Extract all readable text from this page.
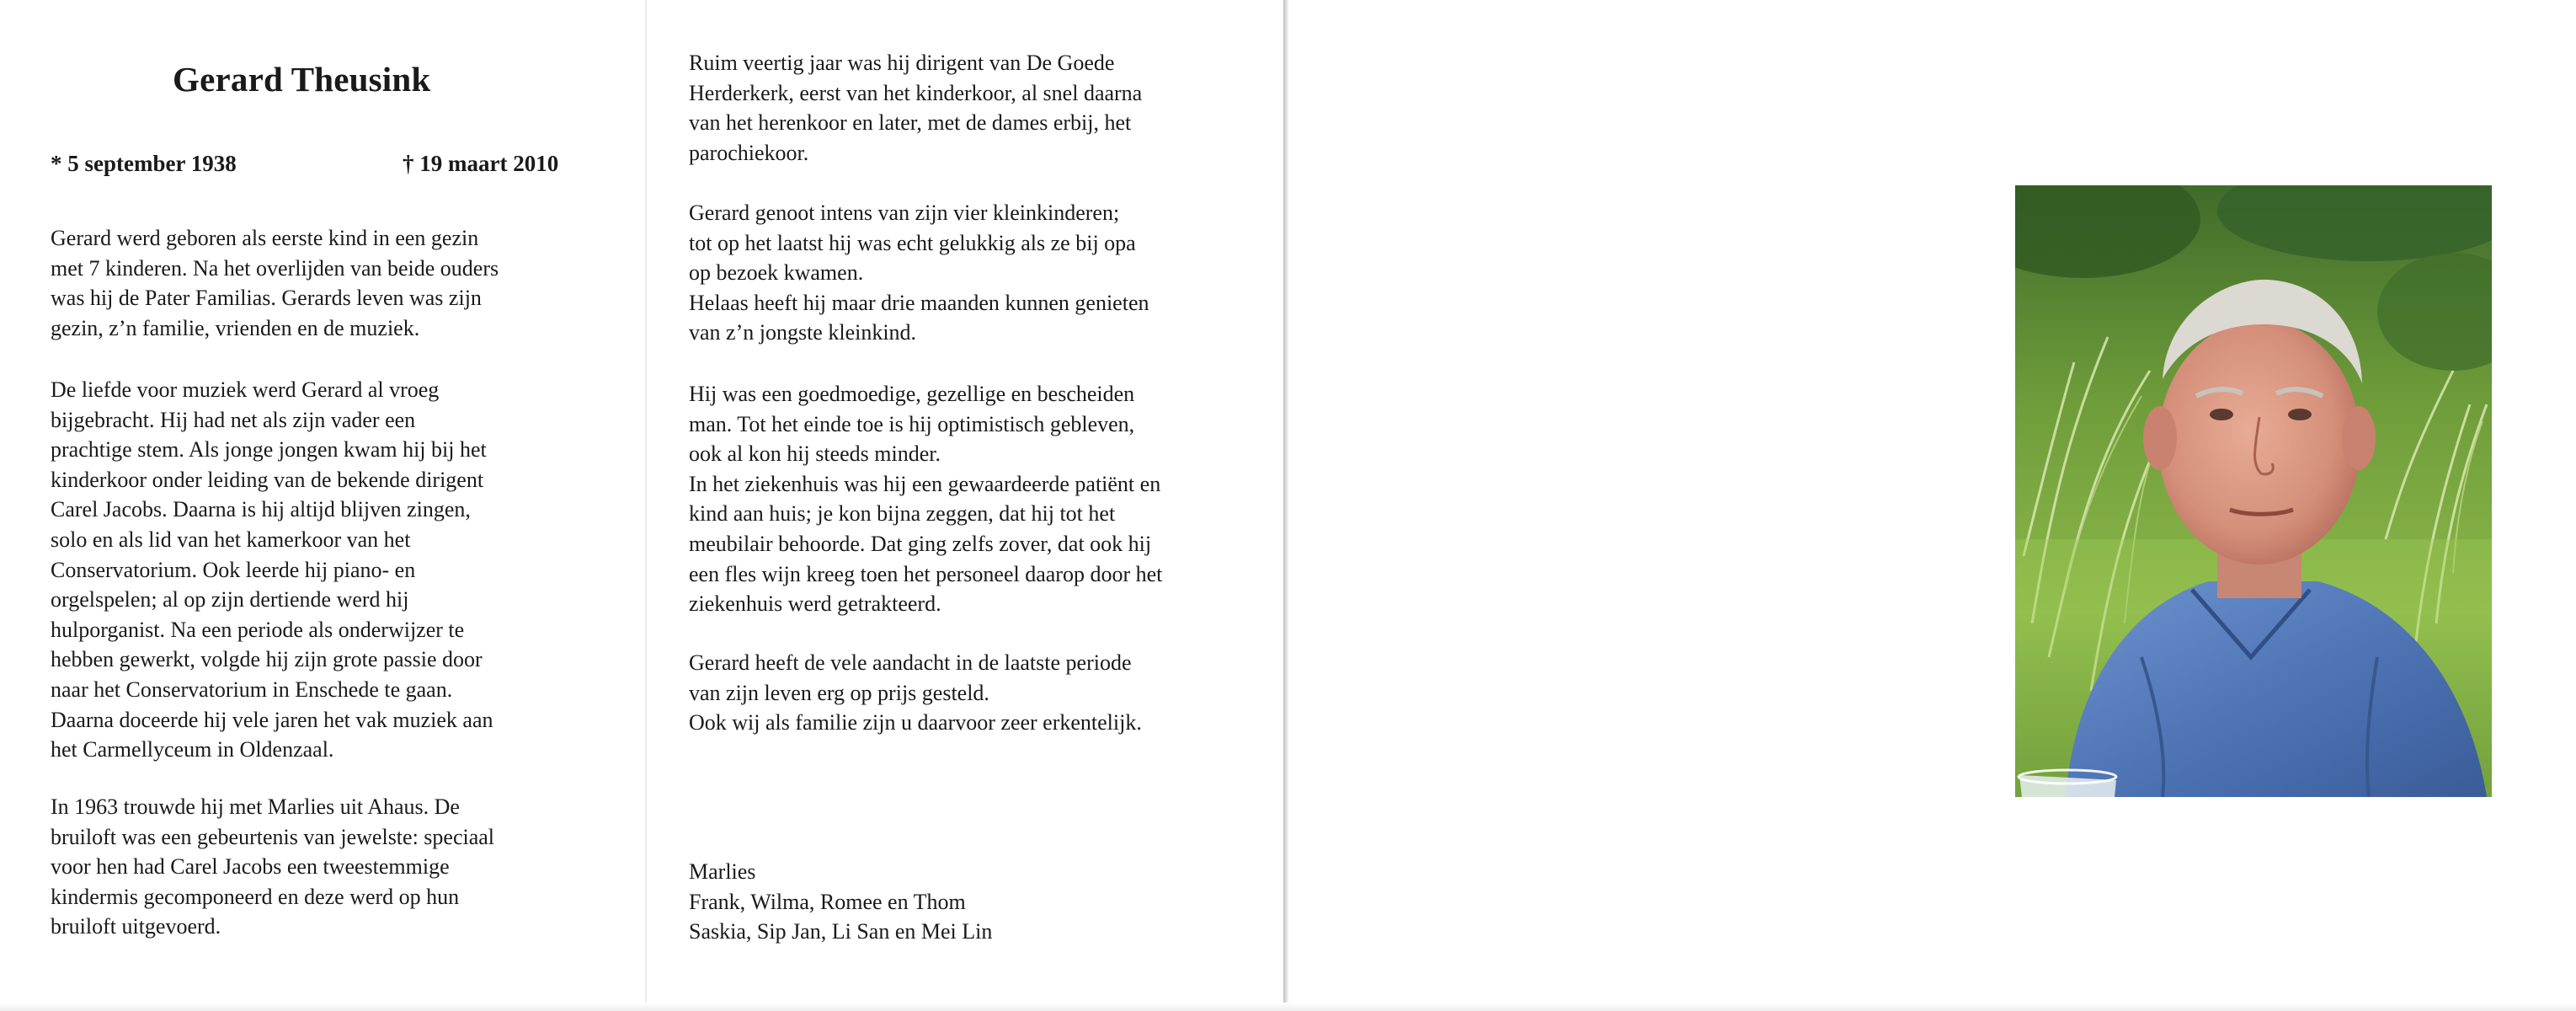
Gerard Theusink
* 5 september 1938	† 19 maart 2010
Gerard werd geboren als eerste kind in een gezin
met 7 kinderen. Na het overlijden van beide ouders
was hij de Pater Familias. Gerards leven was zijn
gezin, z’n familie, vrienden en de muziek.
De liefde voor muziek werd Gerard al vroeg
bijgebracht. Hij had net als zijn vader een
prachtige stem. Als jonge jongen kwam hij bij het
kinderkoor onder leiding van de bekende dirigent
Carel Jacobs. Daarna is hij altijd blijven zingen,
solo en als lid van het kamerkoor van het
Conservatorium. Ook leerde hij piano- en
orgelspelen; al op zijn dertiende werd hij
hulporganist. Na een periode als onderwijzer te
hebben gewerkt, volgde hij zijn grote passie door
naar het Conservatorium in Enschede te gaan.
Daarna doceerde hij vele jaren het vak muziek aan
het Carmellyceum in Oldenzaal.
In 1963 trouwde hij met Marlies uit Ahaus. De
bruiloft was een gebeurtenis van jewelste: speciaal
voor hen had Carel Jacobs een tweestemmige
kindermis gecomponeerd en deze werd op hun
bruiloft uitgevoerd.
Ruim veertig jaar was hij dirigent van De Goede
Herderkerk, eerst van het kinderkoor, al snel daarna
van het herenkoor en later, met de dames erbij, het
parochiekoor.
Gerard genoot intens van zijn vier kleinkinderen;
tot op het laatst hij was echt gelukkig als ze bij opa
op bezoek kwamen.
Helaas heeft hij maar drie maanden kunnen genieten
van z’n jongste kleinkind.
Hij was een goedmoedige, gezellige en bescheiden
man. Tot het einde toe is hij optimistisch gebleven,
ook al kon hij steeds minder.
In het ziekenhuis was hij een gewaardeerde patiënt en
kind aan huis; je kon bijna zeggen, dat hij tot het
meubilair behoorde. Dat ging zelfs zover, dat ook hij
een fles wijn kreeg toen het personeel daarop door het
ziekenhuis werd getrakteerd.
Gerard heeft de vele aandacht in de laatste periode
van zijn leven erg op prijs gesteld.
Ook wij als familie zijn u daarvoor zeer erkentelijk.
Marlies
Frank, Wilma, Romee en Thom
Saskia, Sip Jan, Li San en Mei Lin
